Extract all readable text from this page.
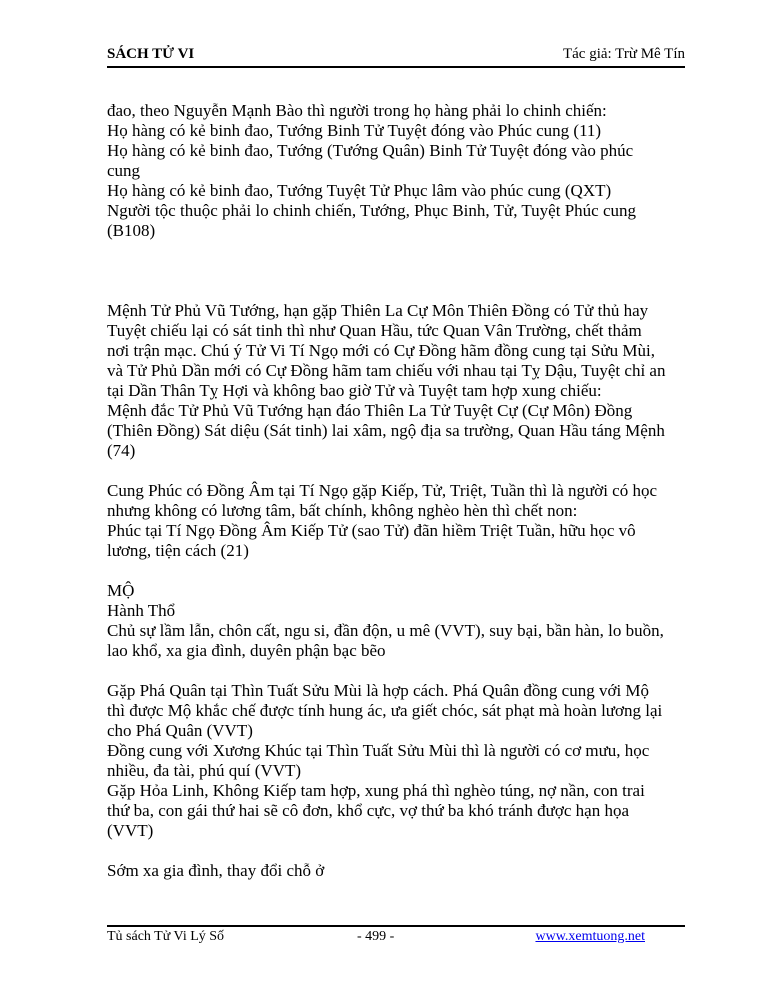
SÁCH TỬ VI	Tác giả: Trừ Mê Tín
đao, theo Nguyễn Mạnh Bào thì người trong họ hàng phải lo chinh chiến:
Họ hàng có kẻ binh đao, Tướng Binh Tử Tuyệt đóng vào Phúc cung (11)
Họ hàng có kẻ binh đao, Tướng (Tướng Quân) Binh Tử Tuyệt đóng vào phúc
cung
Họ hàng có kẻ binh đao, Tướng Tuyệt Tử Phục lâm vào phúc cung (QXT)
Người tộc thuộc phải lo chinh chiến, Tướng, Phục Binh, Tử, Tuyệt Phúc cung
(B108)
Mệnh Tử Phủ Vũ Tướng, hạn gặp Thiên La Cự Môn Thiên Đồng có Tử thủ hay
Tuyệt chiếu lại có sát tinh thì như Quan Hầu, tức Quan Vân Trường, chết thảm
nơi trận mạc. Chú ý Tử Vi Tí Ngọ mới có Cự Đồng hãm đồng cung tại Sửu Mùi,
và Tử Phủ Dần mới có Cự Đồng hãm tam chiếu với nhau tại Tỵ Dậu, Tuyệt chỉ an
tại Dần Thân Tỵ Hợi và không bao giờ Tử và Tuyệt tam hợp xung chiếu:
Mệnh đắc Tử Phủ Vũ Tướng hạn đáo Thiên La Tử Tuyệt Cự (Cự Môn) Đồng
(Thiên Đồng) Sát diệu (Sát tinh) lai xâm, ngộ địa sa trường, Quan Hầu táng Mệnh
(74)
Cung Phúc có Đồng Âm tại Tí Ngọ gặp Kiếp, Tử, Triệt, Tuần thì là người có học
nhưng không có lương tâm, bất chính, không nghèo hèn thì chết non:
Phúc tại Tí Ngọ Đồng Âm Kiếp Tử (sao Tử) đãn hiềm Triệt Tuần, hữu học vô
lương, tiện cách (21)
MỘ
Hành Thổ
Chủ sự lầm lẫn, chôn cất, ngu si, đần độn, u mê (VVT), suy bại, bần hàn, lo buồn,
lao khổ, xa gia đình, duyên phận bạc bẽo
Gặp Phá Quân tại Thìn Tuất Sửu Mùi là hợp cách. Phá Quân đồng cung với Mộ
thì được Mộ khắc chế được tính hung ác, ưa giết chóc, sát phạt mà hoàn lương lại
cho Phá Quân (VVT)
Đồng cung với Xương Khúc tại Thìn Tuất Sửu Mùi thì là người có cơ mưu, học
nhiều, đa tài, phú quí (VVT)
Gặp Hỏa Linh, Không Kiếp tam hợp, xung phá thì nghèo túng, nợ nần, con trai
thứ ba, con gái thứ hai sẽ cô đơn, khổ cực, vợ thứ ba khó tránh được hạn họa
(VVT)
Sớm xa gia đình, thay đổi chỗ ở
Tủ sách Tử Vi Lý Số	- 499 -	www.xemtuong.net
